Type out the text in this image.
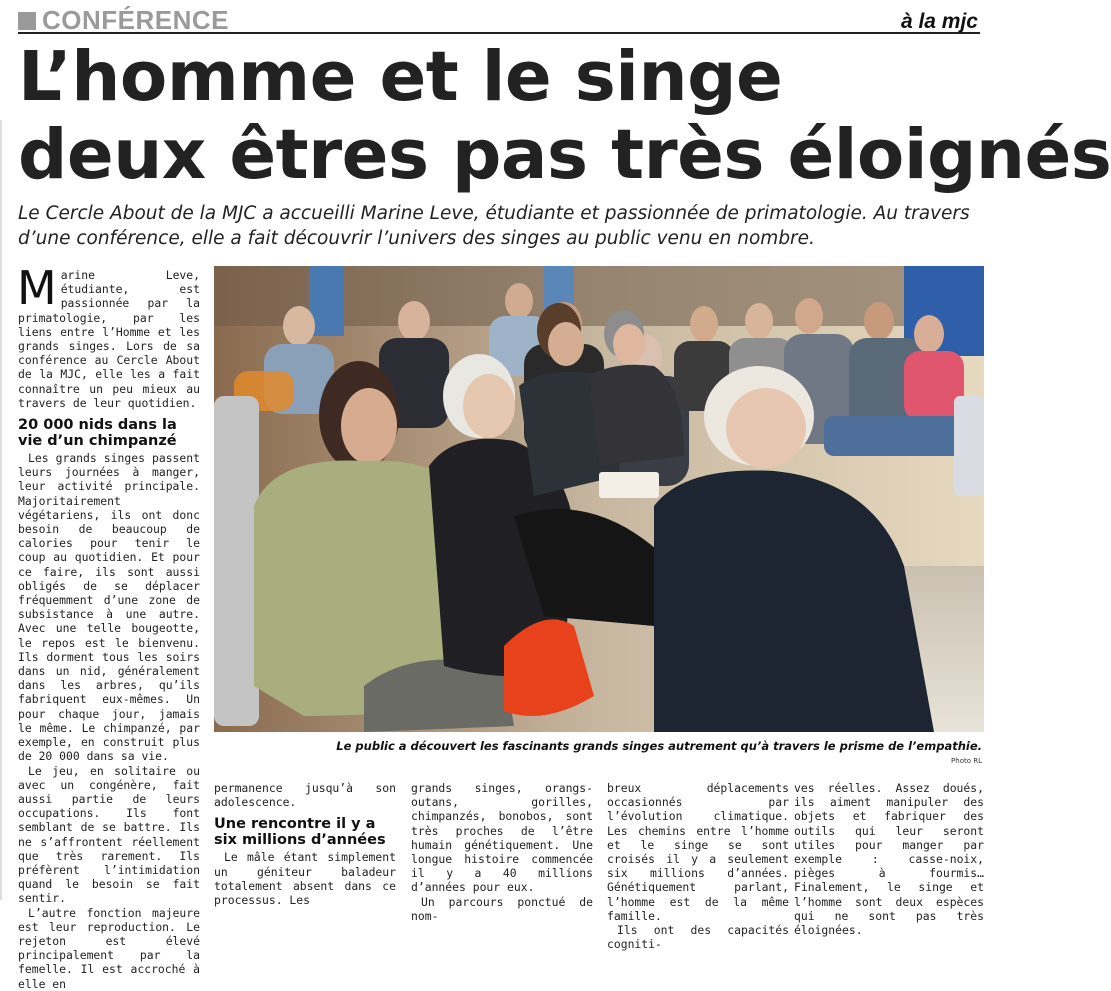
CONFÉRENCE	à la mjc
L’homme et le singe
deux êtres pas très éloignés

Le Cercle About de la MJC a accueilli Marine Leve, étudiante et passionnée de primatologie. Au travers d’une conférence, elle a fait découvrir l’univers des singes au public venu en nombre.

Le public a découvert les fascinants grands singes autrement qu’à travers le prisme de l’empathie.
Photo RL

Marine Leve, étudiante, est passionnée par la primatologie, par les liens entre l’Homme et les grands singes. Lors de sa conférence au Cercle About de la MJC, elle les a fait connaître un peu mieux au travers de leur quotidien.

20 000 nids dans la vie d’un chimpanzé

Les grands singes passent leurs journées à manger, leur activité principale. Majoritairement végétariens, ils ont donc besoin de beaucoup de calories pour tenir le coup au quotidien. Et pour ce faire, ils sont aussi obligés de se déplacer fréquemment d’une zone de subsistance à une autre. Avec une telle bougeotte, le repos est le bienvenu. Ils dorment tous les soirs dans un nid, généralement dans les arbres, qu’ils fabriquent eux-mêmes. Un pour chaque jour, jamais le même. Le chimpanzé, par exemple, en construit plus de 20 000 dans sa vie.

Le jeu, en solitaire ou avec un congénère, fait aussi partie de leurs occupations. Ils font semblant de se battre. Ils ne s’affrontent réellement que très rarement. Ils préfèrent l’intimidation quand le besoin se fait sentir.

L’autre fonction majeure est leur reproduction. Le rejeton est élevé principalement par la femelle. Il est accroché à elle en

permanence jusqu’à son adolescence.

Une rencontre il y a six millions d’années

Le mâle étant simplement un géniteur baladeur totalement absent dans ce processus. Les

grands singes, orangs-outans, gorilles, chimpanzés, bonobos, sont très proches de l’être humain génétiquement. Une longue histoire commencée il y a 40 millions d’années pour eux.

Un parcours ponctué de nom-

breux déplacements occasionnés par l’évolution climatique. Les chemins entre l’homme et le singe se sont croisés il y a seulement six millions d’années. Génétiquement parlant, l’homme est de la même famille.

Ils ont des capacités cogniti-

ves réelles. Assez doués, ils aiment manipuler des objets et fabriquer des outils qui leur seront utiles pour manger par exemple : casse-noix, pièges à fourmis… Finalement, le singe et l’homme sont deux espèces qui ne sont pas très éloignées.
